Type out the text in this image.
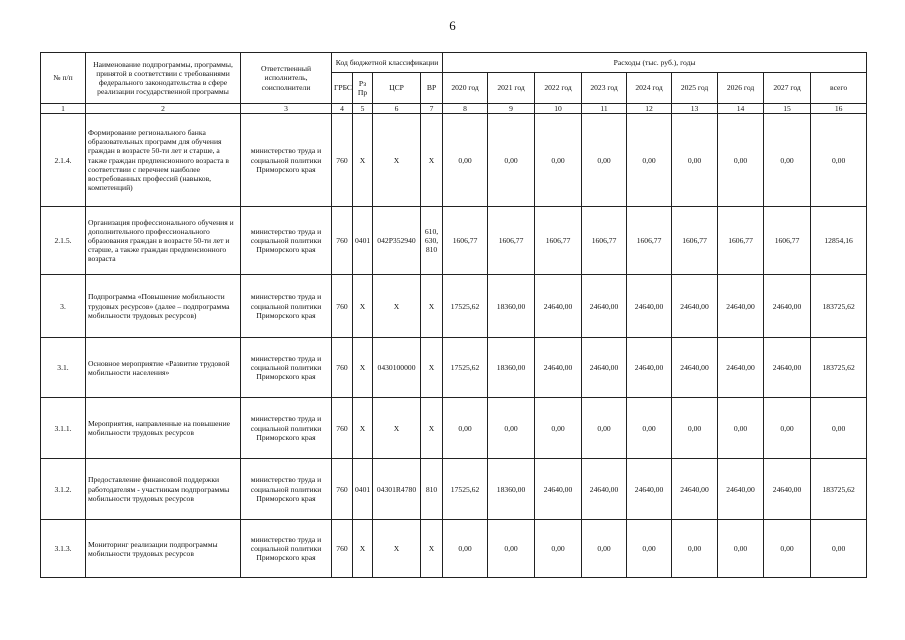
6
№ п/п	Наименование подпрограммы, программы, принятой в соответствии с требованиями федерального законодательства в сфере реализации государственной программы	Ответственный исполнитель, соисполнители	Код бюджетной классификации				Расходы (тыс. руб.), годы								
			ГРБС	Рз Пр	ЦСР	ВР	2020 год	2021 год	2022 год	2023 год	2024 год	2025 год	2026 год	2027 год	всего
1	2	3	4	5	6	7	8	9	10	11	12	13	14	15	16
2.1.4.	Формирование регионального банка образовательных программ для обучения граждан в возрасте 50-ти лет и старше, а также граждан предпенсионного возраста в соответствии с перечнем наиболее востребованных профессий (навыков, компетенций)	министерство труда и социальной политики Приморского края	760	Х	Х	Х	0,00	0,00	0,00	0,00	0,00	0,00	0,00	0,00	0,00
2.1.5.	Организация профессионального обучения и дополнительного профессионального образования граждан в возрасте 50-ти лет и старше, а также граждан предпенсионного возраста	министерство труда и социальной политики Приморского края	760	0401	042P352940	610, 630, 810	1606,77	1606,77	1606,77	1606,77	1606,77	1606,77	1606,77	1606,77	12854,16
3.	Подпрограмма «Повышение мобильности трудовых ресурсов» (далее – подпрограмма мобильности трудовых ресурсов)	министерство труда и социальной политики Приморского края	760	Х	Х	Х	17525,62	18360,00	24640,00	24640,00	24640,00	24640,00	24640,00	24640,00	183725,62
3.1.	Основное мероприятие «Развитие трудовой мобильности населения»	министерство труда и социальной политики Приморского края	760	Х	0430100000	Х	17525,62	18360,00	24640,00	24640,00	24640,00	24640,00	24640,00	24640,00	183725,62
3.1.1.	Мероприятия, направленные на повышение мобильности трудовых ресурсов	министерство труда и социальной политики Приморского края	760	Х	Х	Х	0,00	0,00	0,00	0,00	0,00	0,00	0,00	0,00	0,00
3.1.2.	Предоставление финансовой поддержки работодателям - участникам подпрограммы мобильности трудовых ресурсов	министерство труда и социальной политики Приморского края	760	0401	04301R4780	810	17525,62	18360,00	24640,00	24640,00	24640,00	24640,00	24640,00	24640,00	183725,62
3.1.3.	Мониторинг реализации подпрограммы мобильности трудовых ресурсов	министерство труда и социальной политики Приморского края	760	Х	Х	Х	0,00	0,00	0,00	0,00	0,00	0,00	0,00	0,00	0,00
